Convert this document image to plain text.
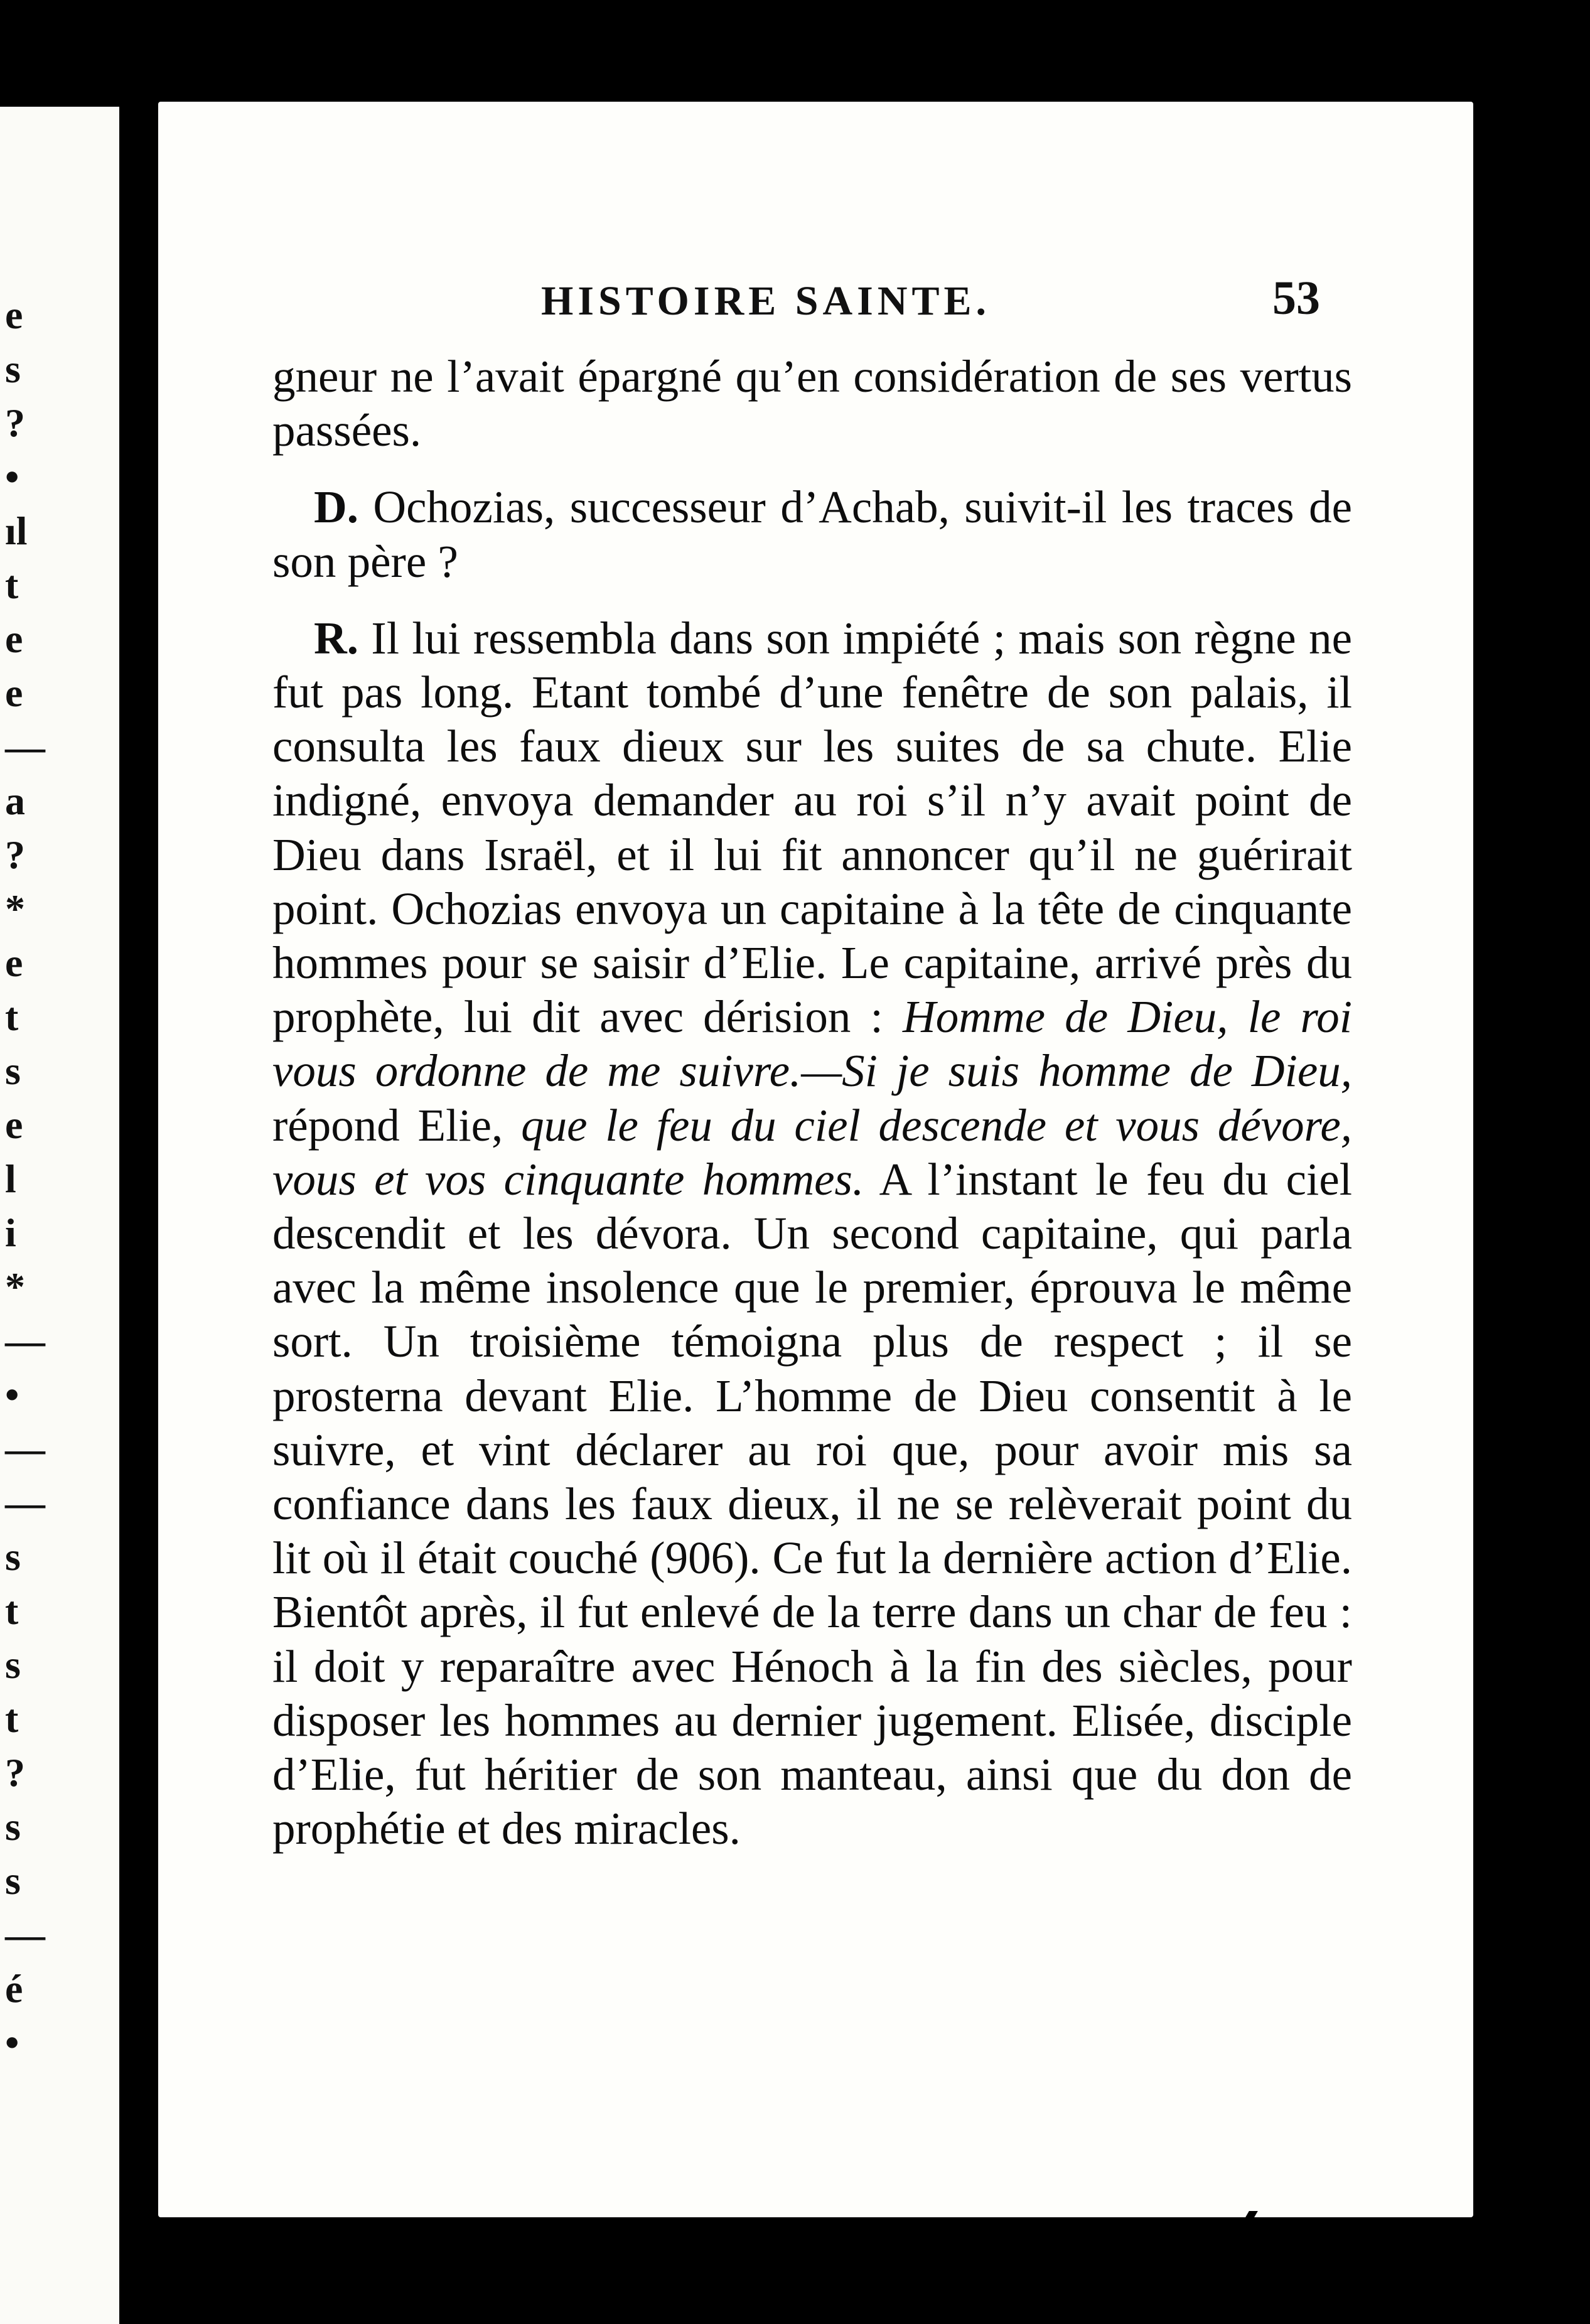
e
s
?
•
ıl
t
e
e
—
a
?
*
e
t
s
e
l
i
*
—
•
—
—
s
t
s
t
?
s
s
—
é
•
HISTOIRE SAINTE.	53

gneur ne l’avait épargné qu’en considération de ses vertus passées.

D. Ochozias, successeur d’Achab, suivit-il les traces de son père ?

R. Il lui ressembla dans son impiété ; mais son règne ne fut pas long. Etant tombé d’une fenêtre de son palais, il consulta les faux dieux sur les suites de sa chute. Elie indigné, envoya demander au roi s’il n’y avait point de Dieu dans Israël, et il lui fit annoncer qu’il ne guérirait point. Ochozias envoya un capitaine à la tête de cinquante hommes pour se saisir d’Elie. Le capitaine, arrivé près du prophète, lui dit avec dérision : Homme de Dieu, le roi vous ordonne de me suivre.—Si je suis homme de Dieu, répond Elie, que le feu du ciel descende et vous dévore, vous et vos cinquante hommes. A l’instant le feu du ciel descendit et les dévora. Un second capitaine, qui parla avec la même insolence que le premier, éprouva le même sort. Un troisième témoigna plus de respect ; il se prosterna devant Elie. L’homme de Dieu consentit à le suivre, et vint déclarer au roi que, pour avoir mis sa confiance dans les faux dieux, il ne se relèverait point du lit où il était couché (906). Ce fut la dernière action d’Elie. Bientôt après, il fut enlevé de la terre dans un char de feu : il doit y reparaître avec Hénoch à la fin des siècles, pour disposer les hommes au dernier jugement. Elisée, disciple d’Elie, fut héritier de son manteau, ainsi que du don de prophétie et des miracles.
